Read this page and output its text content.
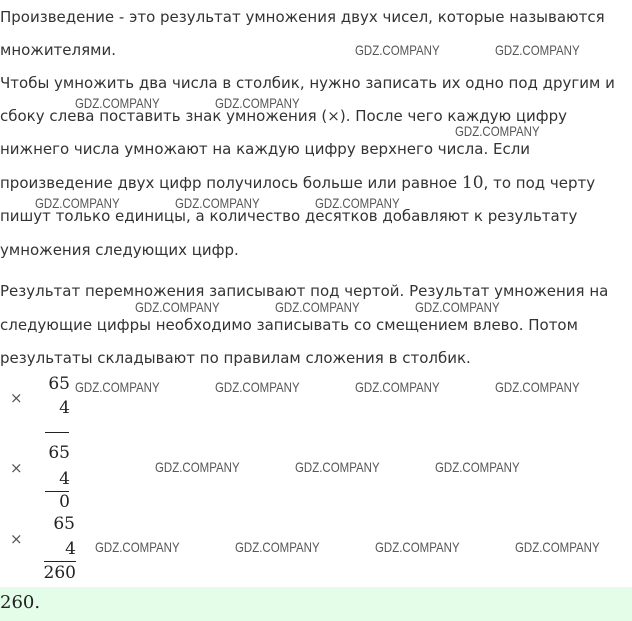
Произведение - это результат умножения двух чисел, которые называются
множителями.
Чтобы умножить два числа в столбик, нужно записать их одно под другим и
сбоку слева поставить знак умножения (×). После чего каждую цифру
нижнего числа умножают на каждую цифру верхнего числа. Если
произведение двух цифр получилось больше или равное 10, то под черту
пишут только единицы, а количество десятков добавляют к результату
умножения следующих цифр.
Результат перемножения записывают под чертой. Результат умножения на
следующие цифры необходимо записывать со смещением влево. Потом
результаты складывают по правилам сложения в столбик.
×
65
4
×
65
4
0
×
65
4
260
260.
GDZ.COMPANY	GDZ.COMPANY
GDZ.COMPANY	GDZ.COMPANY
GDZ.COMPANY
GDZ.COMPANY	GDZ.COMPANY	GDZ.COMPANY
GDZ.COMPANY	GDZ.COMPANY	GDZ.COMPANY
GDZ.COMPANY	GDZ.COMPANY	GDZ.COMPANY	GDZ.COMPANY
GDZ.COMPANY	GDZ.COMPANY	GDZ.COMPANY
GDZ.COMPANY	GDZ.COMPANY	GDZ.COMPANY	GDZ.COMPANY
